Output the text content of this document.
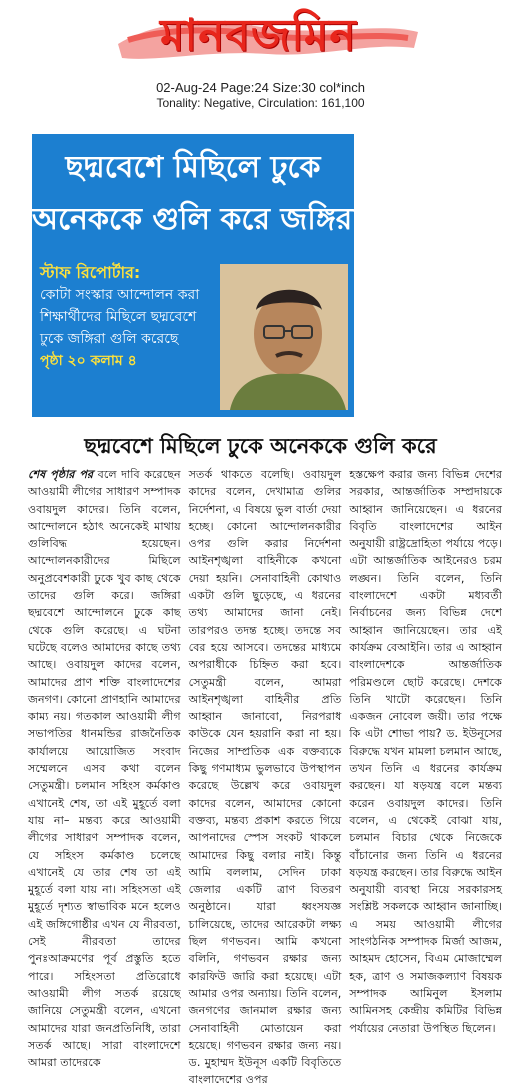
মানবজমিন
02-Aug-24 Page:24 Size:30 col*inch
Tonality: Negative, Circulation: 161,100
ছদ্মবেশে মিছিলে ঢুকে
অনেককে গুলি করে জঙ্গিরা
স্টাফ রিপোর্টার:
কোটা সংস্কার আন্দোলন করা শিক্ষার্থীদের মিছিলে ছদ্মবেশে ঢুকে জঙ্গিরা গুলি করেছে
পৃষ্ঠা ২০ কলাম ৪
ছদ্মবেশে মিছিলে ঢুকে অনেককে গুলি করে
শেষ পৃষ্ঠার পর বলে দাবি করেছেন আওয়ামী লীগের সাধারণ সম্পাদক ওবায়দুল কাদের। তিনি বলেন, আন্দোলনে হঠাৎ অনেকেই মাথায় গুলিবিদ্ধ হয়েছেন। আন্দোলনকারীদের মিছিলে অনুপ্রবেশকারী ঢুকে খুব কাছ থেকে তাদের গুলি করে। জঙ্গিরা ছদ্মবেশে আন্দোলনে ঢুকে কাছ থেকে গুলি করেছে। এ ঘটনা ঘটেছে বলেও আমাদের কাছে তথ্য আছে। ওবায়দুল কাদের বলেন, আমাদের প্রাণ শক্তি বাংলাদেশের জনগণ। কোনো প্রাণহানি আমাদের কাম্য নয়। গতকাল আওয়ামী লীগ সভাপতির ধানমন্ডির রাজনৈতিক কার্যালয়ে আয়োজিত সংবাদ সম্মেলনে এসব কথা বলেন সেতুমন্ত্রী। চলমান সহিংস কর্মকাণ্ড এখানেই শেষ, তা এই মুহূর্তে বলা যায় না– মন্তব্য করে আওয়ামী লীগের সাধারণ সম্পাদক বলেন, যে সহিংস কর্মকাণ্ড চলেছে এখানেই যে তার শেষ তা এই মুহূর্তে বলা যায় না। সহিংসতা এই মুহূর্তে দৃশ্যত স্বাভাবিক মনে হলেও এই জঙ্গিগোষ্ঠীর এখন যে নীরবতা, সেই নীরবতা তাদের পুনঃআক্রমণের পূর্ব প্রস্তুতি হতে পারে। সহিংসতা প্রতিরোধে আওয়ামী লীগ সতর্ক রয়েছে জানিয়ে সেতুমন্ত্রী বলেন, এখনো আমাদের যারা জনপ্রতিনিধি, তারা সতর্ক আছে। সারা বাংলাদেশে আমরা তাদেরকে
সতর্ক থাকতে বলেছি। ওবায়দুল কাদের বলেন, দেখামাত্র গুলির নির্দেশনা, এ বিষয়ে ভুল বার্তা দেয়া হচ্ছে। কোনো আন্দোলনকারীর ওপর গুলি করার নির্দেশনা আইনশৃঙ্খলা বাহিনীকে কখনো দেয়া হয়নি। সেনাবাহিনী কোথাও একটা গুলি ছুড়েছে, এ ধরনের তথ্য আমাদের জানা নেই। তারপরও তদন্ত হচ্ছে। তদন্তে সব বের হয়ে আসবে। তদন্তের মাধ্যমে অপরাধীকে চিহ্নিত করা হবে। সেতুমন্ত্রী বলেন, আমরা আইনশৃঙ্খলা বাহিনীর প্রতি আহ্বান জানাবো, নিরপরাধ কাউকে যেন হয়রানি করা না হয়। নিজের সাম্প্রতিক এক বক্তব্যকে কিছু গণমাধ্যম ভুলভাবে উপস্থাপন করেছে উল্লেখ করে ওবায়দুল কাদের বলেন, আমাদের কোনো বক্তব্য, মন্তব্য প্রকাশ করতে গিয়ে আপনাদের স্পেস সংকট থাকলে আমাদের কিছু বলার নাই। কিন্তু আমি বললাম, সেদিন ঢাকা জেলার একটি ত্রাণ বিতরণ অনুষ্ঠানে। যারা ধ্বংসযজ্ঞ চালিয়েছে, তাদের আরেকটা লক্ষ্য ছিল গণভবন। আমি কখনো বলিনি, গণভবন রক্ষার জন্য কারফিউ জারি করা হয়েছে। এটা আমার ওপর অন্যায়। তিনি বলেন, জনগণের জানমাল রক্ষার জন্য সেনাবাহিনী মোতায়েন করা হয়েছে। গণভবন রক্ষার জন্য নয়। ড. মুহাম্মদ ইউনূস একটি বিবৃতিতে বাংলাদেশের ওপর
হস্তক্ষেপ করার জন্য বিভিন্ন দেশের সরকার, আন্তর্জাতিক সম্প্রদায়কে আহ্বান জানিয়েছেন। এ ধরনের বিবৃতি বাংলাদেশের আইন অনুযায়ী রাষ্ট্রদ্রোহিতা পর্যায়ে পড়ে। এটা আন্তর্জাতিক আইনেরও চরম লঙ্ঘন। তিনি বলেন, তিনি বাংলাদেশে একটা মধ্যবর্তী নির্বাচনের জন্য বিভিন্ন দেশে আহ্বান জানিয়েছেন। তার এই কার্যক্রম বেআইনি। তার এ আহ্বান বাংলাদেশকে আন্তর্জাতিক পরিমণ্ডলে ছোট করেছে। দেশকে তিনি খাটো করেছেন। তিনি একজন নোবেল জয়ী। তার পক্ষে কি এটা শোভা পায়? ড. ইউনূসের বিরুদ্ধে যখন মামলা চলমান আছে, তখন তিনি এ ধরনের কার্যক্রম করছেন। যা ষড়যন্ত্র বলে মন্তব্য করেন ওবায়দুল কাদের। তিনি বলেন, এ থেকেই বোঝা যায়, চলমান বিচার থেকে নিজেকে বাঁচানোর জন্য তিনি এ ধরনের ষড়যন্ত্র করছেন। তার বিরুদ্ধে আইন অনুযায়ী ব্যবস্থা নিয়ে সরকারসহ সংশ্লিষ্ট সকলকে আহ্বান জানাচ্ছি। এ সময় আওয়ামী লীগের সাংগঠনিক সম্পাদক মির্জা আজম, আহমদ হোসেন, বিএম মোজাম্মেল হক, ত্রাণ ও সমাজকল্যাণ বিষয়ক সম্পাদক আমিনুল ইসলাম আমিনসহ কেন্দ্রীয় কমিটির বিভিন্ন পর্যায়ের নেতারা উপস্থিত ছিলেন।
